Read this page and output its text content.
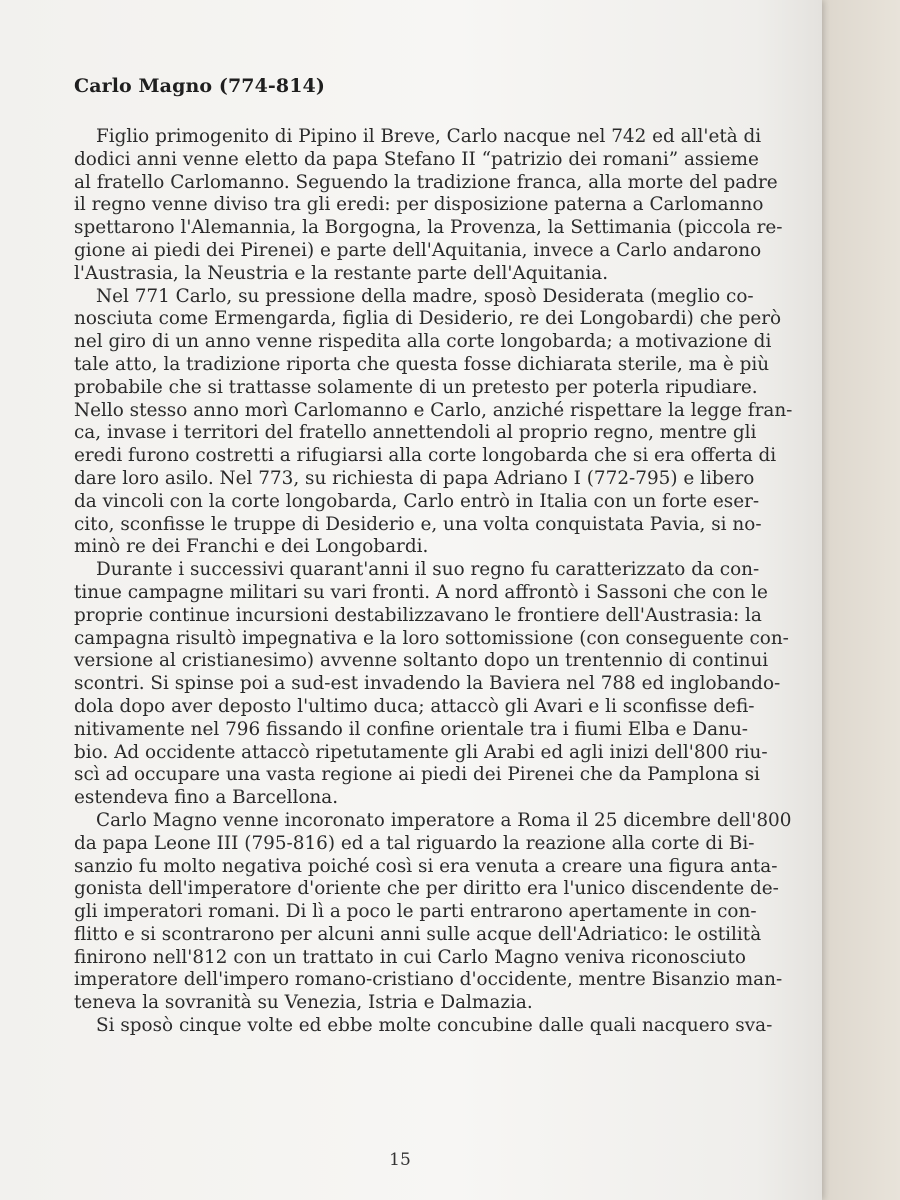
Carlo Magno (774-814)
Figlio primogenito di Pipino il Breve, Carlo nacque nel 742 ed all'età di
dodici anni venne eletto da papa Stefano II “patrizio dei romani” assieme
al fratello Carlomanno. Seguendo la tradizione franca, alla morte del padre
il regno venne diviso tra gli eredi: per disposizione paterna a Carlomanno
spettarono l'Alemannia, la Borgogna, la Provenza, la Settimania (piccola re-
gione ai piedi dei Pirenei) e parte dell'Aquitania, invece a Carlo andarono
l'Austrasia, la Neustria e la restante parte dell'Aquitania.
Nel 771 Carlo, su pressione della madre, sposò Desiderata (meglio co-
nosciuta come Ermengarda, figlia di Desiderio, re dei Longobardi) che però
nel giro di un anno venne rispedita alla corte longobarda; a motivazione di
tale atto, la tradizione riporta che questa fosse dichiarata sterile, ma è più
probabile che si trattasse solamente di un pretesto per poterla ripudiare.
Nello stesso anno morì Carlomanno e Carlo, anziché rispettare la legge fran-
ca, invase i territori del fratello annettendoli al proprio regno, mentre gli
eredi furono costretti a rifugiarsi alla corte longobarda che si era offerta di
dare loro asilo. Nel 773, su richiesta di papa Adriano I (772-795) e libero
da vincoli con la corte longobarda, Carlo entrò in Italia con un forte eser-
cito, sconfisse le truppe di Desiderio e, una volta conquistata Pavia, si no-
minò re dei Franchi e dei Longobardi.
Durante i successivi quarant'anni il suo regno fu caratterizzato da con-
tinue campagne militari su vari fronti. A nord affrontò i Sassoni che con le
proprie continue incursioni destabilizzavano le frontiere dell'Austrasia: la
campagna risultò impegnativa e la loro sottomissione (con conseguente con-
versione al cristianesimo) avvenne soltanto dopo un trentennio di continui
scontri. Si spinse poi a sud-est invadendo la Baviera nel 788 ed inglobando-
dola dopo aver deposto l'ultimo duca; attaccò gli Avari e li sconfisse defi-
nitivamente nel 796 fissando il confine orientale tra i fiumi Elba e Danu-
bio. Ad occidente attaccò ripetutamente gli Arabi ed agli inizi dell'800 riu-
scì ad occupare una vasta regione ai piedi dei Pirenei che da Pamplona si
estendeva fino a Barcellona.
Carlo Magno venne incoronato imperatore a Roma il 25 dicembre dell'800
da papa Leone III (795-816) ed a tal riguardo la reazione alla corte di Bi-
sanzio fu molto negativa poiché così si era venuta a creare una figura anta-
gonista dell'imperatore d'oriente che per diritto era l'unico discendente de-
gli imperatori romani. Di lì a poco le parti entrarono apertamente in con-
flitto e si scontrarono per alcuni anni sulle acque dell'Adriatico: le ostilità
finirono nell'812 con un trattato in cui Carlo Magno veniva riconosciuto
imperatore dell'impero romano-cristiano d'occidente, mentre Bisanzio man-
teneva la sovranità su Venezia, Istria e Dalmazia.
Si sposò cinque volte ed ebbe molte concubine dalle quali nacquero sva-
15
